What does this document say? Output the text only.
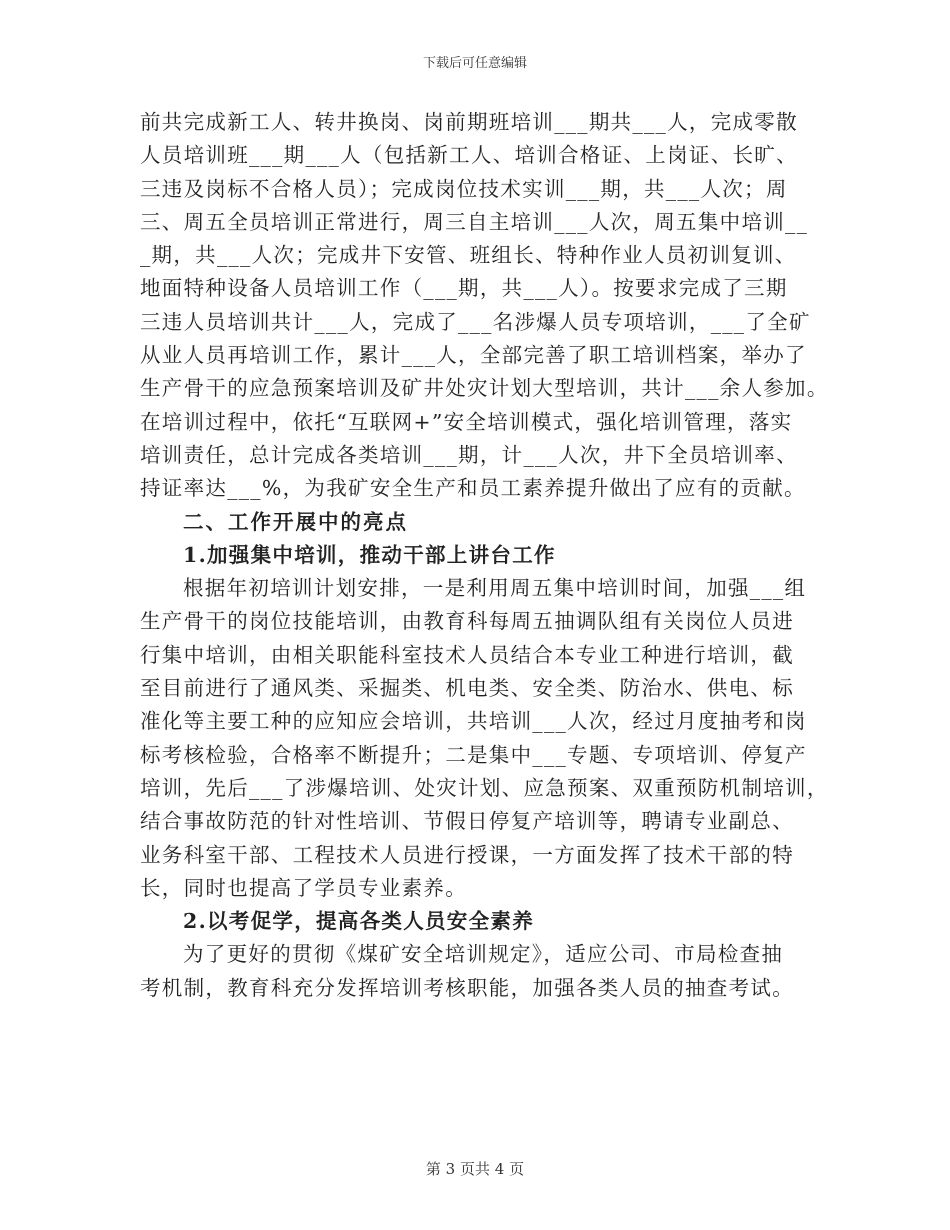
下载后可任意编辑
前共完成新工人、转井换岗、岗前期班培训___期共___人，完成零散
人员培训班___期___人（包括新工人、培训合格证、上岗证、长旷、
三违及岗标不合格人员）；完成岗位技术实训___期，共___人次；周
三、周五全员培训正常进行，周三自主培训___人次，周五集中培训__
_期，共___人次；完成井下安管、班组长、特种作业人员初训复训、
地面特种设备人员培训工作（___期，共___人）。按要求完成了三期
三违人员培训共计___人，完成了___名涉爆人员专项培训，___了全矿
从业人员再培训工作，累计___人，全部完善了职工培训档案，举办了
生产骨干的应急预案培训及矿井处灾计划大型培训，共计___余人参加。
在培训过程中，依托“互联网+”安全培训模式，强化培训管理，落实
培训责任，总计完成各类培训___期，计___人次，井下全员培训率、
持证率达___%，为我矿安全生产和员工素养提升做出了应有的贡献。
二、工作开展中的亮点
1.加强集中培训，推动干部上讲台工作
根据年初培训计划安排，一是利用周五集中培训时间，加强___组
生产骨干的岗位技能培训，由教育科每周五抽调队组有关岗位人员进
行集中培训，由相关职能科室技术人员结合本专业工种进行培训，截
至目前进行了通风类、采掘类、机电类、安全类、防治水、供电、标
准化等主要工种的应知应会培训，共培训___人次，经过月度抽考和岗
标考核检验，合格率不断提升；二是集中___专题、专项培训、停复产
培训，先后___了涉爆培训、处灾计划、应急预案、双重预防机制培训，
结合事故防范的针对性培训、节假日停复产培训等，聘请专业副总、
业务科室干部、工程技术人员进行授课，一方面发挥了技术干部的特
长，同时也提高了学员专业素养。
2.以考促学，提高各类人员安全素养
为了更好的贯彻《煤矿安全培训规定》，适应公司、市局检查抽
考机制，教育科充分发挥培训考核职能，加强各类人员的抽查考试。
第 3 页共 4 页
